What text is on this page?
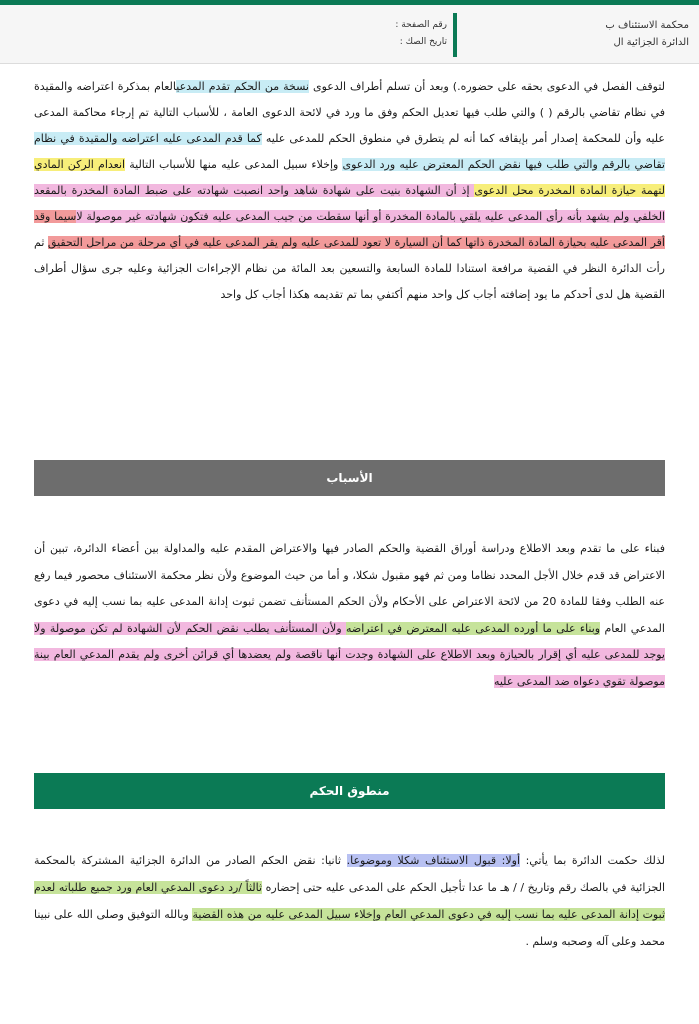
محكمة الاستئناف ب
الدائرة الجزائية ال
رقم الصفحة :
تاريخ الصك :

لتوقف الفصل في الدعوى بحقه على حضوره.) وبعد أن تسلم أطراف الدعوى نسخة من الحكم تقدم المدعيالعام بمذكرة اعتراضه والمقيدة في نظام تقاضي بالرقم ( ) والتي طلب فيها تعديل الحكم وفق ما ورد في لائحة الدعوى العامة ، للأسباب التالية تم إرجاء محاكمة المدعى عليه وأن للمحكمة إصدار أمر بإيقافه كما أنه لم يتطرق في منطوق الحكم للمدعى عليه كما قدم المدعى عليه اعتراضه والمقيدة في نظام تقاضي بالرقم والتي طلب فيها نقض الحكم المعترض عليه ورد الدعوى وإخلاء سبيل المدعى عليه منها للأسباب التالية انعدام الركن المادي لتهمة حيازة المادة المخدرة محل الدعوى إذ أن الشهادة بنيت على شهادة شاهد واحد انصبت شهادته على ضبط المادة المخدرة بالمقعد الخلفي ولم يشهد بأنه رأى المدعى عليه يلقي بالمادة المخدرة أو أنها سقطت من جيب المدعى عليه فتكون شهادته غير موصولة لاسيما وقد أقر المدعى عليه بحيازة المادة المخدرة ذاتها كما أن السيارة لا تعود للمدعى عليه ولم يقر المدعى عليه في أي مرحلة من مراحل التحقيق ثم رأت الدائرة النظر في القضية مرافعة استنادا للمادة السابعة والتسعين بعد المائة من نظام الإجراءات الجزائية وعليه جرى سؤال أطراف القضية هل لدى أحدكم ما يود إضافته أجاب كل واحد منهم أكتفي بما تم تقديمه هكذا أجاب كل واحد

الأسباب

فبناء على ما تقدم وبعد الاطلاع ودراسة أوراق القضية والحكم الصادر فيها والاعتراض المقدم عليه والمداولة بين أعضاء الدائرة، تبين أن الاعتراض قد قدم خلال الأجل المحدد نظاما ومن ثم فهو مقبول شكلا، و أما من حيث الموضوع ولأن نظر محكمة الاستئناف محصور فيما رفع عنه الطلب وفقا للمادة 20 من لائحة الاعتراض على الأحكام ولأن الحكم المستأنف تضمن ثبوت إدانة المدعى عليه بما نسب إليه في دعوى المدعي العام وبناء على ما أورده المدعى عليه المعترض في اعتراضه ولأن المستأنف يطلب نقض الحكم لأن الشهادة لم تكن موصولة ولا يوجد للمدعى عليه أي إقرار بالحيازة وبعد الاطلاع على الشهادة وجدت أنها ناقصة ولم يعضدها أي قرائن أخرى ولم يقدم المدعي العام بينة موصولة تقوي دعواه ضد المدعى عليه

منطوق الحكم

لذلك حكمت الدائرة بما يأتي: أولا: قبول الاستئناف شكلا وموضوعا. ثانيا: نقض الحكم الصادر من الدائرة الجزائية المشتركة بالمحكمة الجزائية في بالصك رقم وتاريخ / / هـ ما عدا تأجيل الحكم على المدعى عليه حتى إحضاره ثالثاً /رد دعوى المدعي العام ورد جميع طلباته لعدم ثبوت إدانة المدعى عليه بما نسب إليه في دعوى المدعي العام وإخلاء سبيل المدعى عليه من هذه القضية وبالله التوفيق وصلى الله على نبينا محمد وعلى آله وصحبه وسلم .
